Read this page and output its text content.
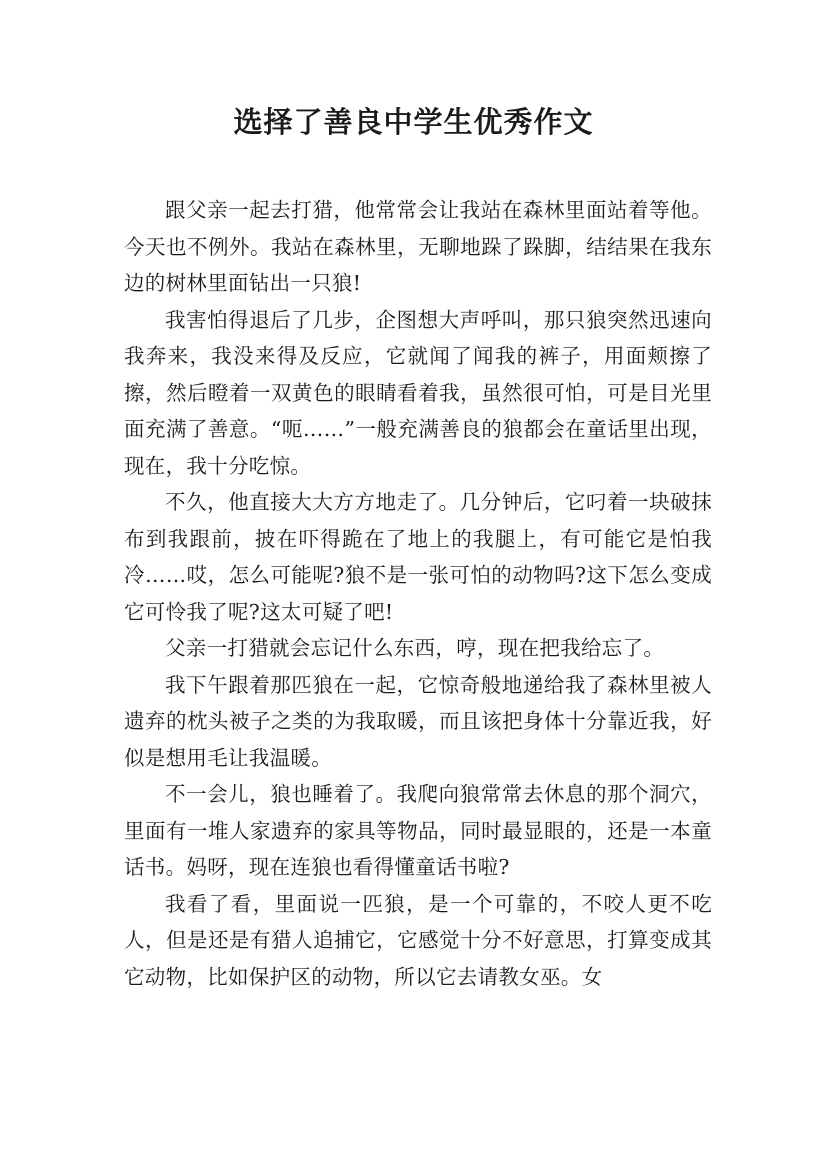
选择了善良中学生优秀作文

跟父亲一起去打猎，他常常会让我站在森林里面站着等他。今天也不例外。我站在森林里，无聊地跺了跺脚，结结果在我东边的树林里面钻出一只狼!

我害怕得退后了几步，企图想大声呼叫，那只狼突然迅速向我奔来，我没来得及反应，它就闻了闻我的裤子，用面颊擦了擦，然后瞪着一双黄色的眼睛看着我，虽然很可怕，可是目光里面充满了善意。“呃……”一般充满善良的狼都会在童话里出现，现在，我十分吃惊。

不久，他直接大大方方地走了。几分钟后，它叼着一块破抹布到我跟前，披在吓得跪在了地上的我腿上，有可能它是怕我冷……哎，怎么可能呢?狼不是一张可怕的动物吗?这下怎么变成它可怜我了呢?这太可疑了吧!

父亲一打猎就会忘记什么东西，哼，现在把我给忘了。

我下午跟着那匹狼在一起，它惊奇般地递给我了森林里被人遗弃的枕头被子之类的为我取暖，而且该把身体十分靠近我，好似是想用毛让我温暖。

不一会儿，狼也睡着了。我爬向狼常常去休息的那个洞穴，里面有一堆人家遗弃的家具等物品，同时最显眼的，还是一本童话书。妈呀，现在连狼也看得懂童话书啦?

我看了看，里面说一匹狼，是一个可靠的，不咬人更不吃人，但是还是有猎人追捕它，它感觉十分不好意思，打算变成其它动物，比如保护区的动物，所以它去请教女巫。女
